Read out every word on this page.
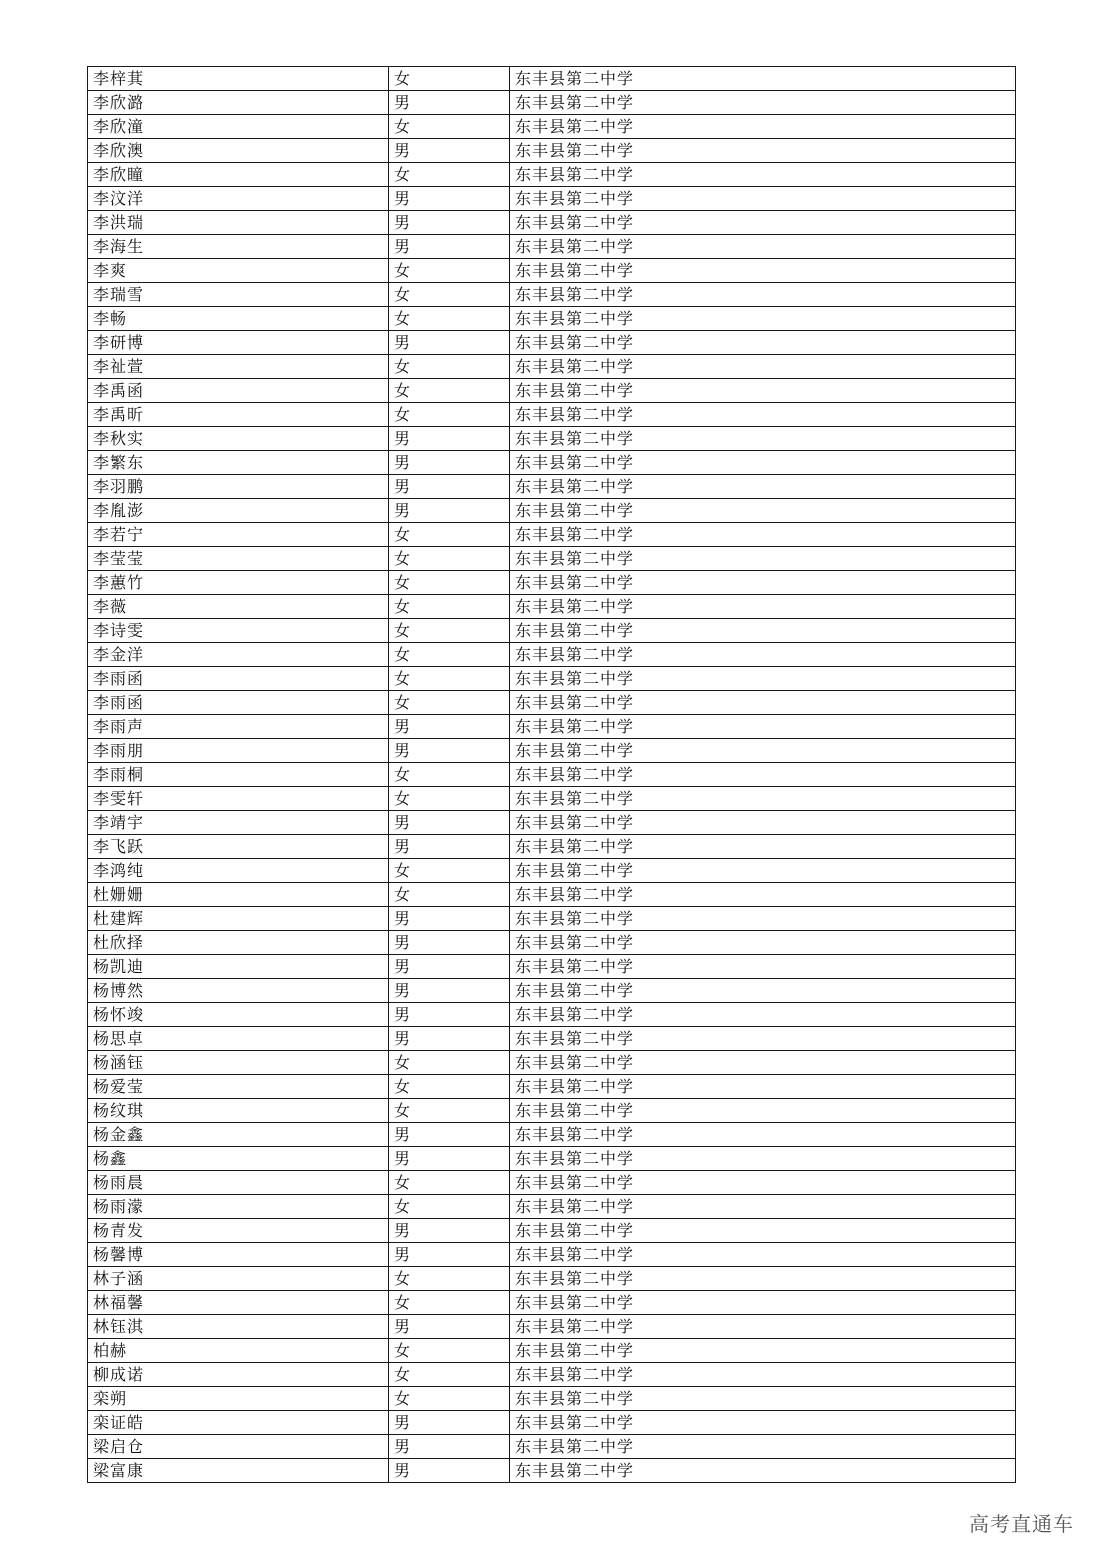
李梓萁	女	东丰县第二中学
李欣潞	男	东丰县第二中学
李欣潼	女	东丰县第二中学
李欣澳	男	东丰县第二中学
李欣瞳	女	东丰县第二中学
李汶洋	男	东丰县第二中学
李洪瑞	男	东丰县第二中学
李海生	男	东丰县第二中学
李爽	女	东丰县第二中学
李瑞雪	女	东丰县第二中学
李畅	女	东丰县第二中学
李研博	男	东丰县第二中学
李祉萱	女	东丰县第二中学
李禹函	女	东丰县第二中学
李禹昕	女	东丰县第二中学
李秋实	男	东丰县第二中学
李繁东	男	东丰县第二中学
李羽鹏	男	东丰县第二中学
李胤澎	男	东丰县第二中学
李若宁	女	东丰县第二中学
李莹莹	女	东丰县第二中学
李蕙竹	女	东丰县第二中学
李薇	女	东丰县第二中学
李诗雯	女	东丰县第二中学
李金洋	女	东丰县第二中学
李雨函	女	东丰县第二中学
李雨函	女	东丰县第二中学
李雨声	男	东丰县第二中学
李雨朋	男	东丰县第二中学
李雨桐	女	东丰县第二中学
李雯轩	女	东丰县第二中学
李靖宇	男	东丰县第二中学
李飞跃	男	东丰县第二中学
李鸿纯	女	东丰县第二中学
杜姗姗	女	东丰县第二中学
杜建辉	男	东丰县第二中学
杜欣择	男	东丰县第二中学
杨凯迪	男	东丰县第二中学
杨博然	男	东丰县第二中学
杨怀竣	男	东丰县第二中学
杨思卓	男	东丰县第二中学
杨涵钰	女	东丰县第二中学
杨爱莹	女	东丰县第二中学
杨纹琪	女	东丰县第二中学
杨金鑫	男	东丰县第二中学
杨鑫	男	东丰县第二中学
杨雨晨	女	东丰县第二中学
杨雨濛	女	东丰县第二中学
杨青发	男	东丰县第二中学
杨馨博	男	东丰县第二中学
林子涵	女	东丰县第二中学
林福馨	女	东丰县第二中学
林钰淇	男	东丰县第二中学
柏赫	女	东丰县第二中学
柳成诺	女	东丰县第二中学
栾朔	女	东丰县第二中学
栾证皓	男	东丰县第二中学
梁启仓	男	东丰县第二中学
梁富康	男	东丰县第二中学
高考直通车
